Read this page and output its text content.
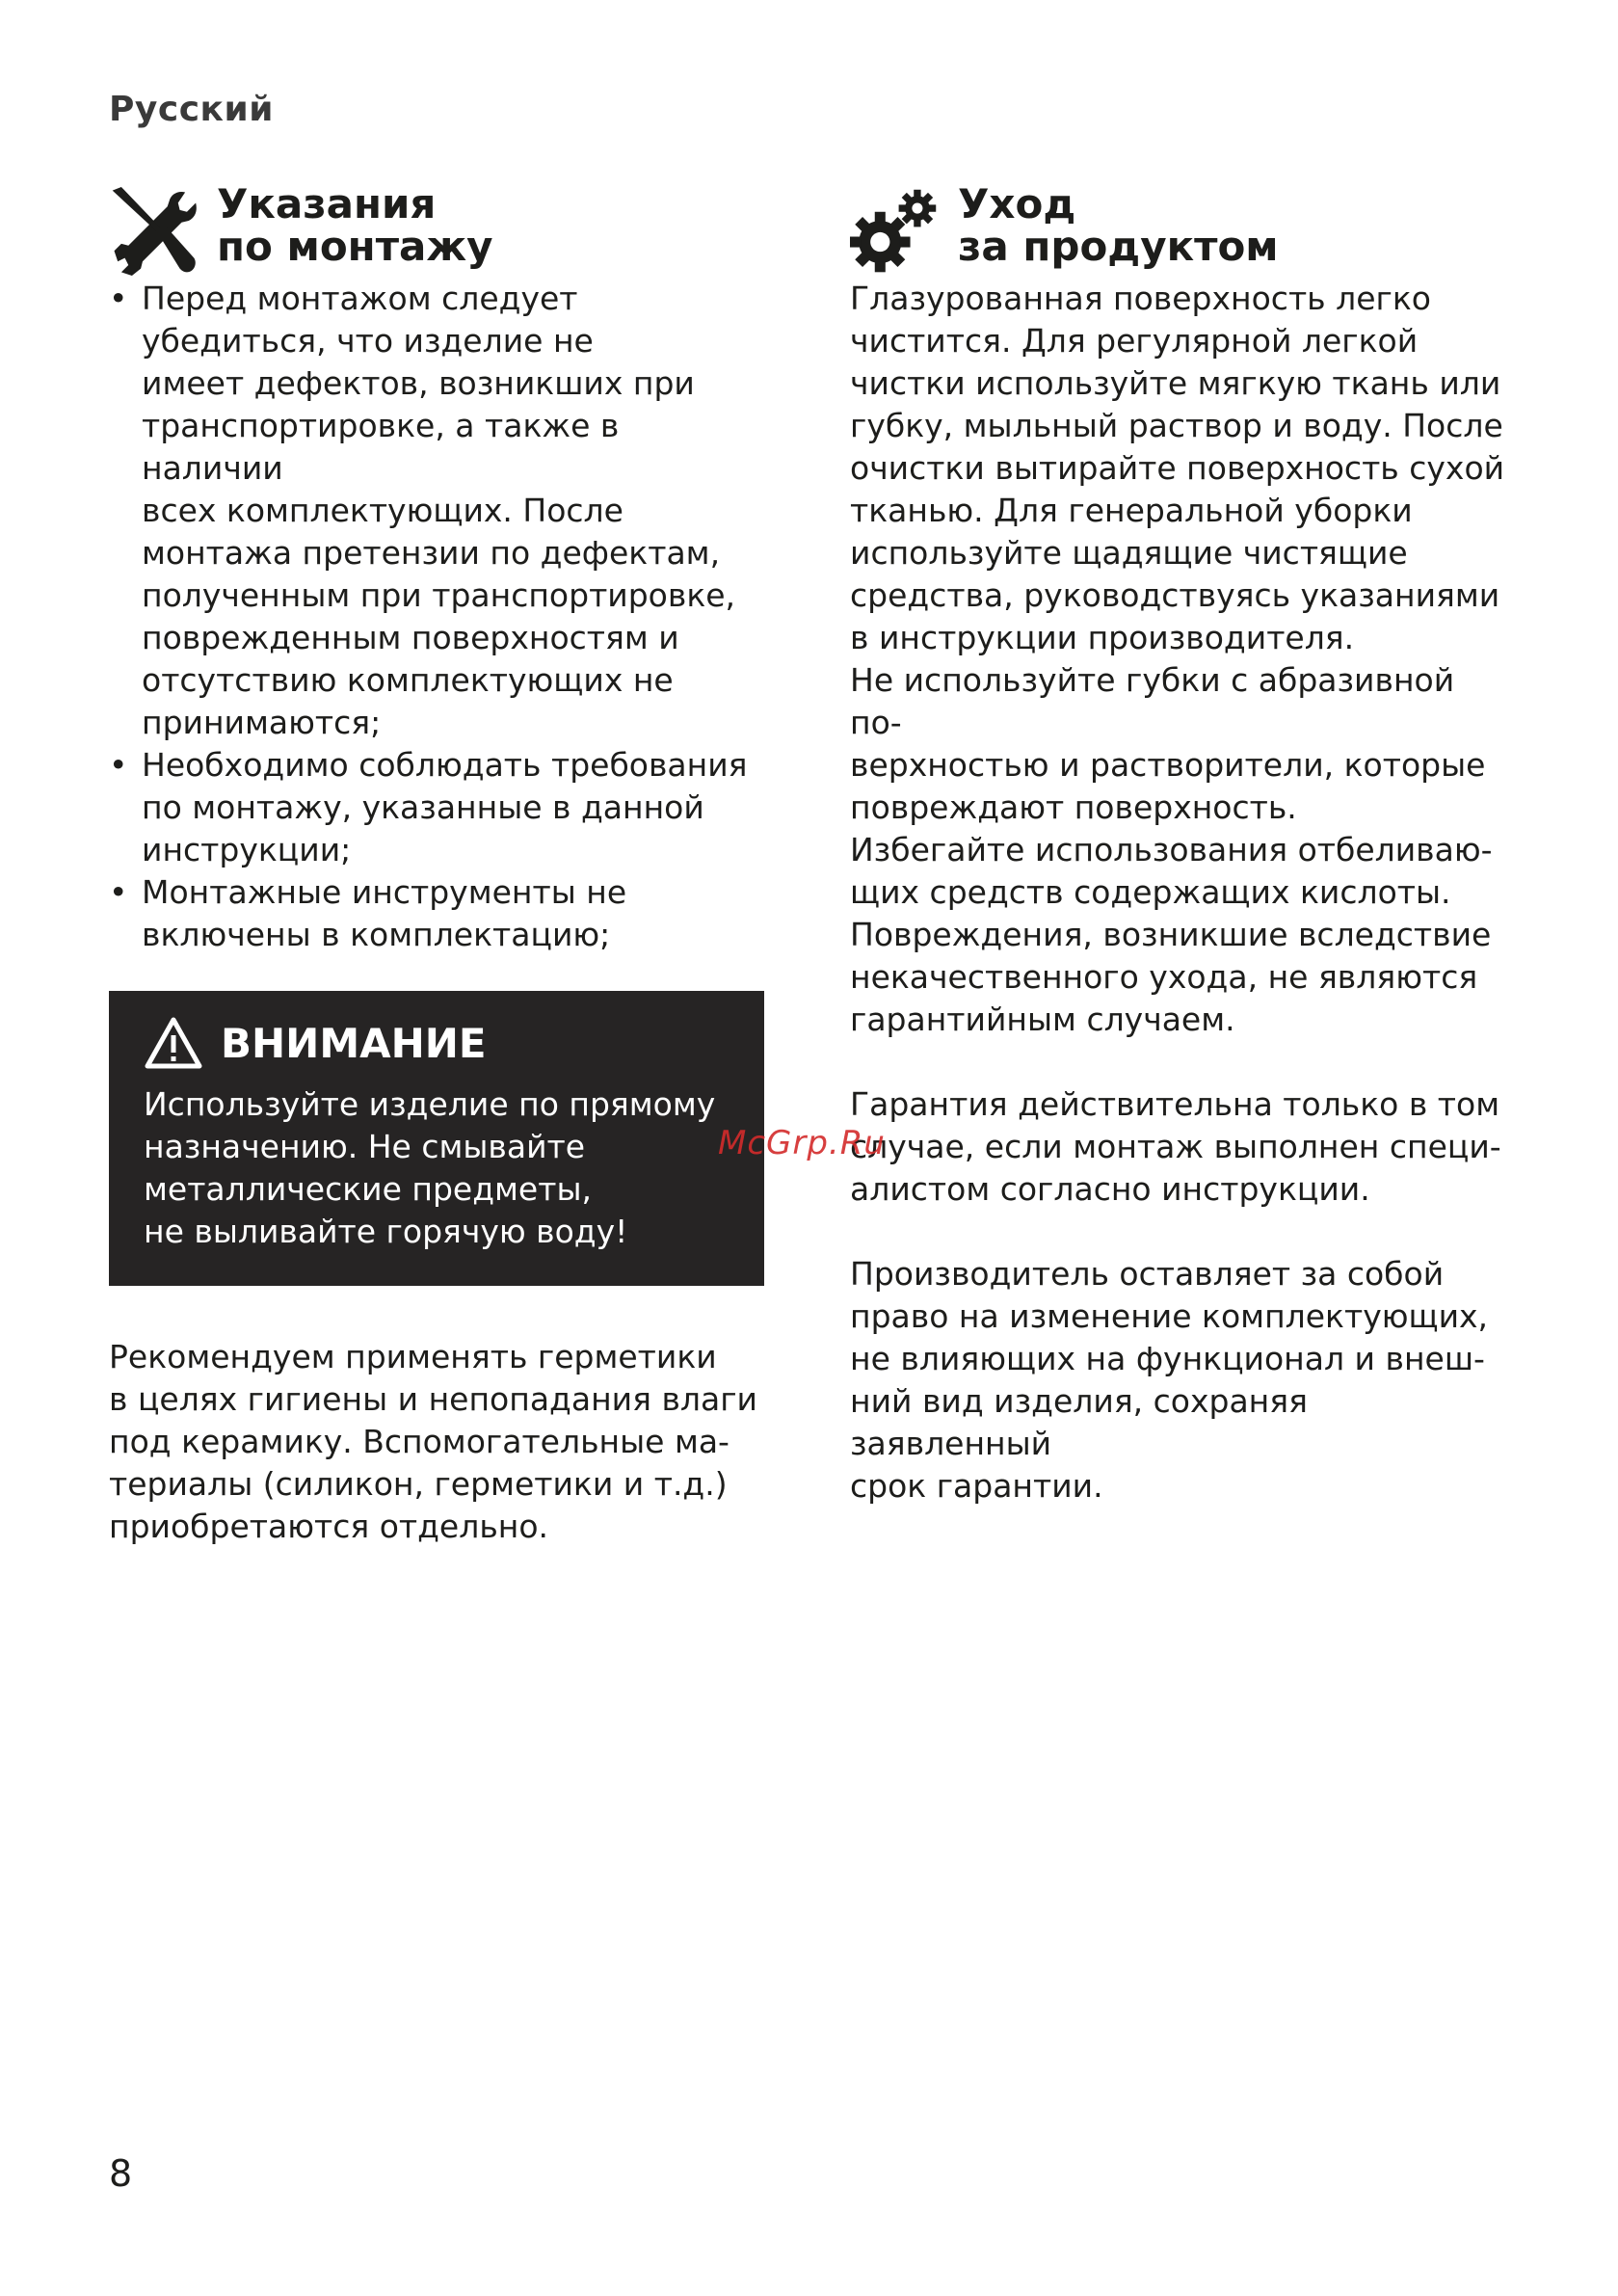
Русский
Указания
по монтажу
• Перед монтажом следует
убедиться, что изделие не
имеет дефектов, возникших при
транспортировке, а также в наличии
всех комплектующих. После
монтажа претензии по дефектам,
полученным при транспортировке,
поврежденным поверхностям и
отсутствию комплектующих не
принимаются;
• Необходимо соблюдать требования
по монтажу, указанные в данной
инструкции;
• Монтажные инструменты не
включены в комплектацию;
ВНИМАНИЕ
Используйте изделие по прямому
назначению. Не смывайте
металлические предметы,
не выливайте горячую воду!

Рекомендуем применять герметики
в целях гигиены и непопадания влаги
под керамику. Вспомогательные ма-
териалы (силикон, герметики и т.д.)
приобретаются отдельно.

Уход
за продуктом

Глазурованная поверхность легко
чистится. Для регулярной легкой
чистки используйте мягкую ткань или
губку, мыльный раствор и воду. После
очистки вытирайте поверхность сухой
тканью. Для генеральной уборки
используйте щадящие чистящие
средства, руководствуясь указаниями
в инструкции производителя.
Не используйте губки с абразивной по-
верхностью и растворители, которые
повреждают поверхность.
Избегайте использования отбеливаю-
щих средств содержащих кислоты.
Повреждения, возникшие вследствие
некачественного ухода, не являются
гарантийным случаем.

Гарантия действительна только в том
случае, если монтаж выполнен специ-
алистом согласно инструкции.

Производитель оставляет за собой
право на изменение комплектующих,
не влияющих на функционал и внеш-
ний вид изделия, сохраняя заявленный
срок гарантии.

McGrp.Ru
8
